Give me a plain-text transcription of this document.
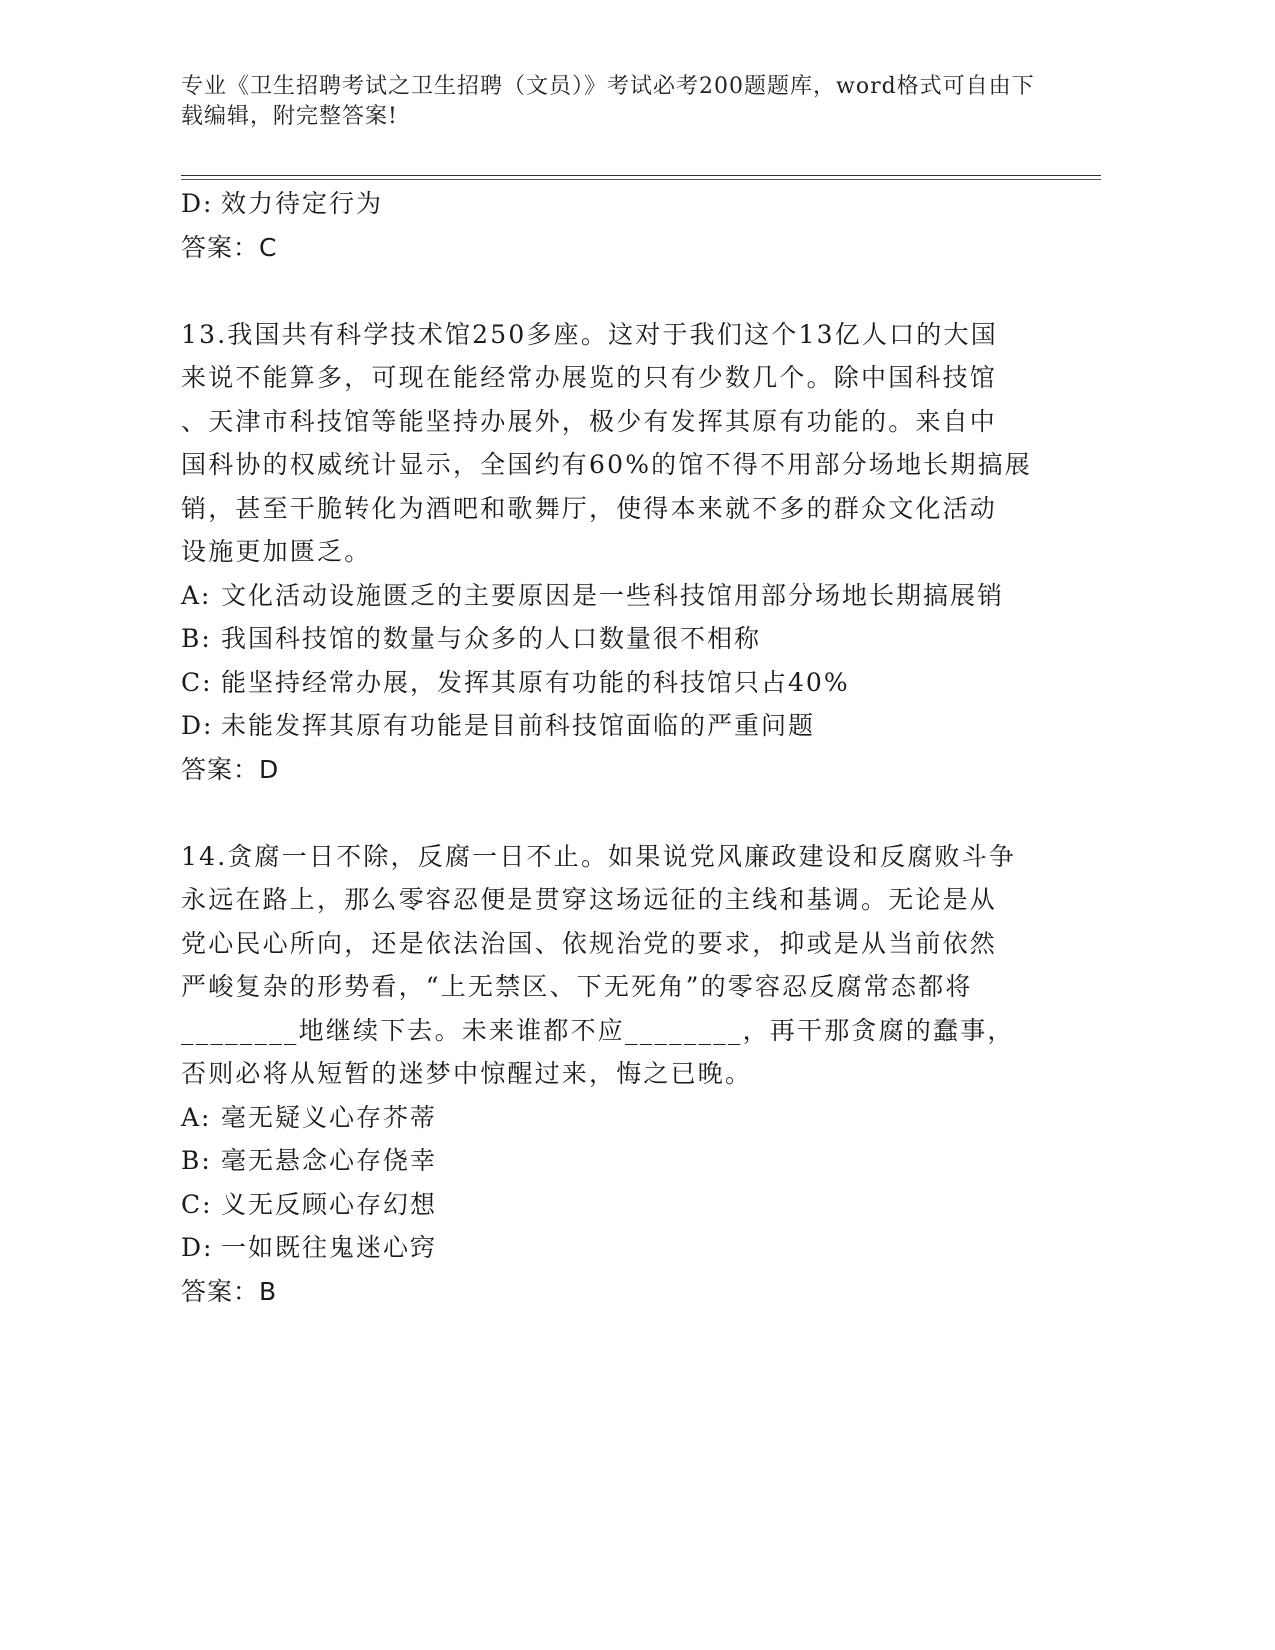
专业《卫生招聘考试之卫生招聘（文员）》考试必考200题题库，word格式可自由下载编辑，附完整答案!
D: 效力待定行为
答案：C
13.我国共有科学技术馆250多座。这对于我们这个13亿人口的大国
来说不能算多，可现在能经常办展览的只有少数几个。除中国科技馆
、天津市科技馆等能坚持办展外，极少有发挥其原有功能的。来自中
国科协的权威统计显示，全国约有60%的馆不得不用部分场地长期搞展
销，甚至干脆转化为酒吧和歌舞厅，使得本来就不多的群众文化活动
设施更加匮乏。
A: 文化活动设施匮乏的主要原因是一些科技馆用部分场地长期搞展销
B: 我国科技馆的数量与众多的人口数量很不相称
C: 能坚持经常办展，发挥其原有功能的科技馆只占40%
D: 未能发挥其原有功能是目前科技馆面临的严重问题
答案：D
14.贪腐一日不除，反腐一日不止。如果说党风廉政建设和反腐败斗争
永远在路上，那么零容忍便是贯穿这场远征的主线和基调。无论是从
党心民心所向，还是依法治国、依规治党的要求，抑或是从当前依然
严峻复杂的形势看，“上无禁区、下无死角”的零容忍反腐常态都将
________地继续下去。未来谁都不应________，再干那贪腐的蠢事，
否则必将从短暂的迷梦中惊醒过来，悔之已晚。
A: 毫无疑义心存芥蒂
B: 毫无悬念心存侥幸
C: 义无反顾心存幻想
D: 一如既往鬼迷心窍
答案：B
